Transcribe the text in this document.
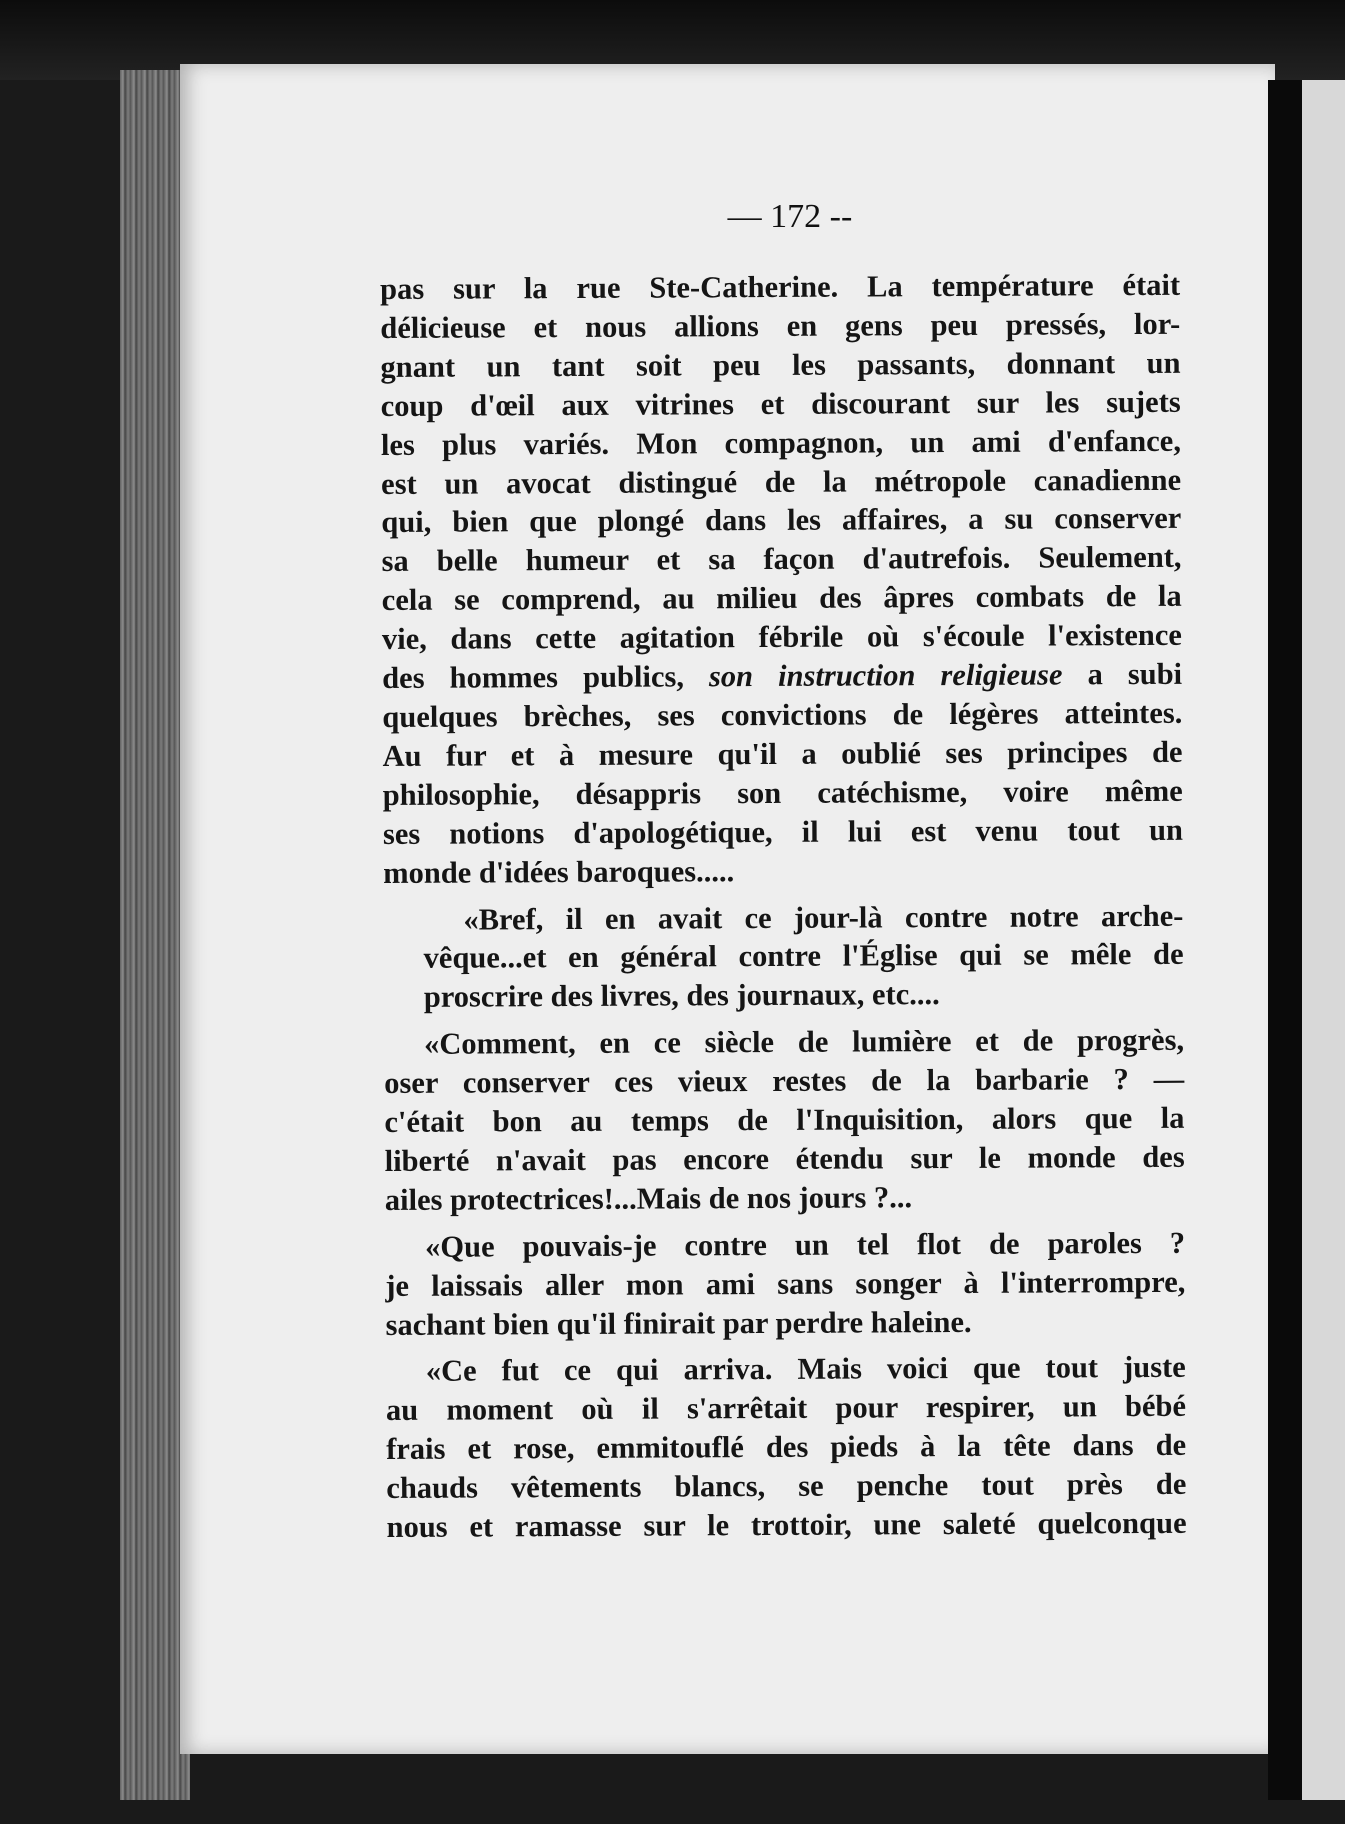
— 172 --
pas sur la rue Ste-Catherine. La température était
délicieuse et nous allions en gens peu pressés, lor-
gnant un tant soit peu les passants, donnant un
coup d'œil aux vitrines et discourant sur les sujets
les plus variés. Mon compagnon, un ami d'enfance,
est un avocat distingué de la métropole canadienne
qui, bien que plongé dans les affaires, a su conserver
sa belle humeur et sa façon d'autrefois. Seulement,
cela se comprend, au milieu des âpres combats de la
vie, dans cette agitation fébrile où s'écoule l'existence
des hommes publics, son instruction religieuse a subi
quelques brèches, ses convictions de légères atteintes.
Au fur et à mesure qu'il a oublié ses principes de
philosophie, désappris son catéchisme, voire même
ses notions d'apologétique, il lui est venu tout un
monde d'idées baroques.....
«Bref, il en avait ce jour-là contre notre arche-
vêque...et en général contre l'Église qui se mêle de
proscrire des livres, des journaux, etc....
«Comment, en ce siècle de lumière et de progrès,
oser conserver ces vieux restes de la barbarie ? —
c'était bon au temps de l'Inquisition, alors que la
liberté n'avait pas encore étendu sur le monde des
ailes protectrices!...Mais de nos jours ?...
«Que pouvais-je contre un tel flot de paroles ?
je laissais aller mon ami sans songer à l'interrompre,
sachant bien qu'il finirait par perdre haleine.
«Ce fut ce qui arriva. Mais voici que tout juste
au moment où il s'arrêtait pour respirer, un bébé
frais et rose, emmitouflé des pieds à la tête dans de
chauds vêtements blancs, se penche tout près de
nous et ramasse sur le trottoir, une saleté quelconque
